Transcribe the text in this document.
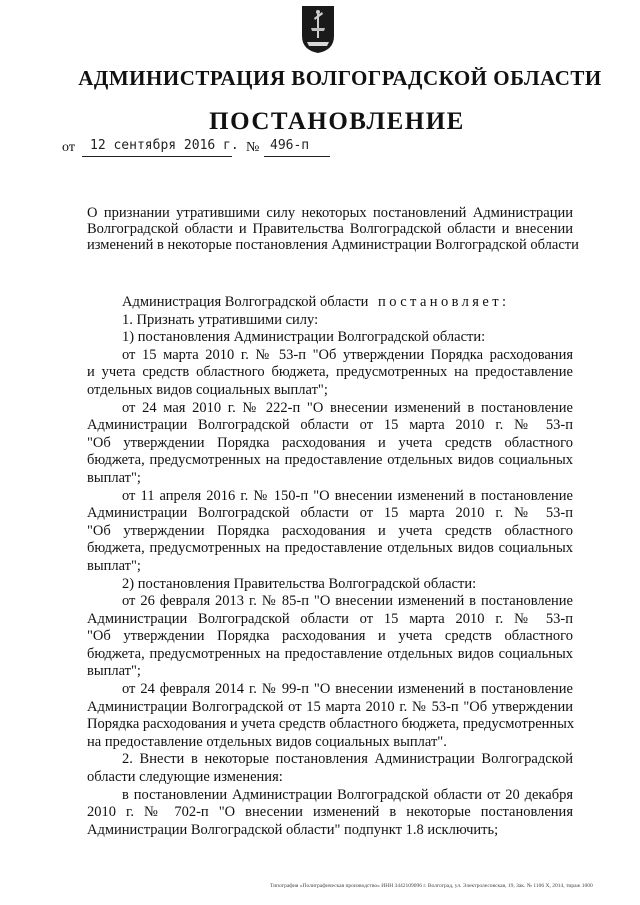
АДМИНИСТРАЦИЯ ВОЛГОГРАДСКОЙ ОБЛАСТИ
ПОСТАНОВЛЕНИЕ
от 12 сентября 2016 г. № 496-п
О признании утратившими силу некоторых постановлений Администрации
Волгоградской области и Правительства Волгоградской области и внесении
изменений в некоторые постановления Администрации Волгоградской области
Администрация Волгоградской области постановляет:
1. Признать утратившими силу:
1) постановления Администрации Волгоградской области:
от 15 марта 2010 г. № 53-п "Об утверждении Порядка расходования
и учета средств областного бюджета, предусмотренных на предоставление
отдельных видов социальных выплат";
от 24 мая 2010 г. № 222-п "О внесении изменений в постановление
Администрации Волгоградской области от 15 марта 2010 г. № 53-п
"Об утверждении Порядка расходования и учета средств областного
бюджета, предусмотренных на предоставление отдельных видов социальных
выплат";
от 11 апреля 2016 г. № 150-п "О внесении изменений в постановление
Администрации Волгоградской области от 15 марта 2010 г. № 53-п
"Об утверждении Порядка расходования и учета средств областного
бюджета, предусмотренных на предоставление отдельных видов социальных
выплат";
2) постановления Правительства Волгоградской области:
от 26 февраля 2013 г. № 85-п "О внесении изменений в постановление
Администрации Волгоградской области от 15 марта 2010 г. № 53-п
"Об утверждении Порядка расходования и учета средств областного
бюджета, предусмотренных на предоставление отдельных видов социальных
выплат";
от 24 февраля 2014 г. № 99-п "О внесении изменений в постановление
Администрации Волгоградской от 15 марта 2010 г. № 53-п "Об утверждении
Порядка расходования и учета средств областного бюджета, предусмотренных
на предоставление отдельных видов социальных выплат".
2. Внести в некоторые постановления Администрации Волгоградской
области следующие изменения:
в постановлении Администрации Волгоградской области от 20 декабря
2010 г. № 702-п "О внесении изменений в некоторые постановления
Администрации Волгоградской области" подпункт 1.8 исключить;
Типография «Полиграфическая производство» ИНН 3442109096 г. Волгоград, ул. Электролесовская, 19, Зак. № 1106 Х, 2014, тираж 1000
